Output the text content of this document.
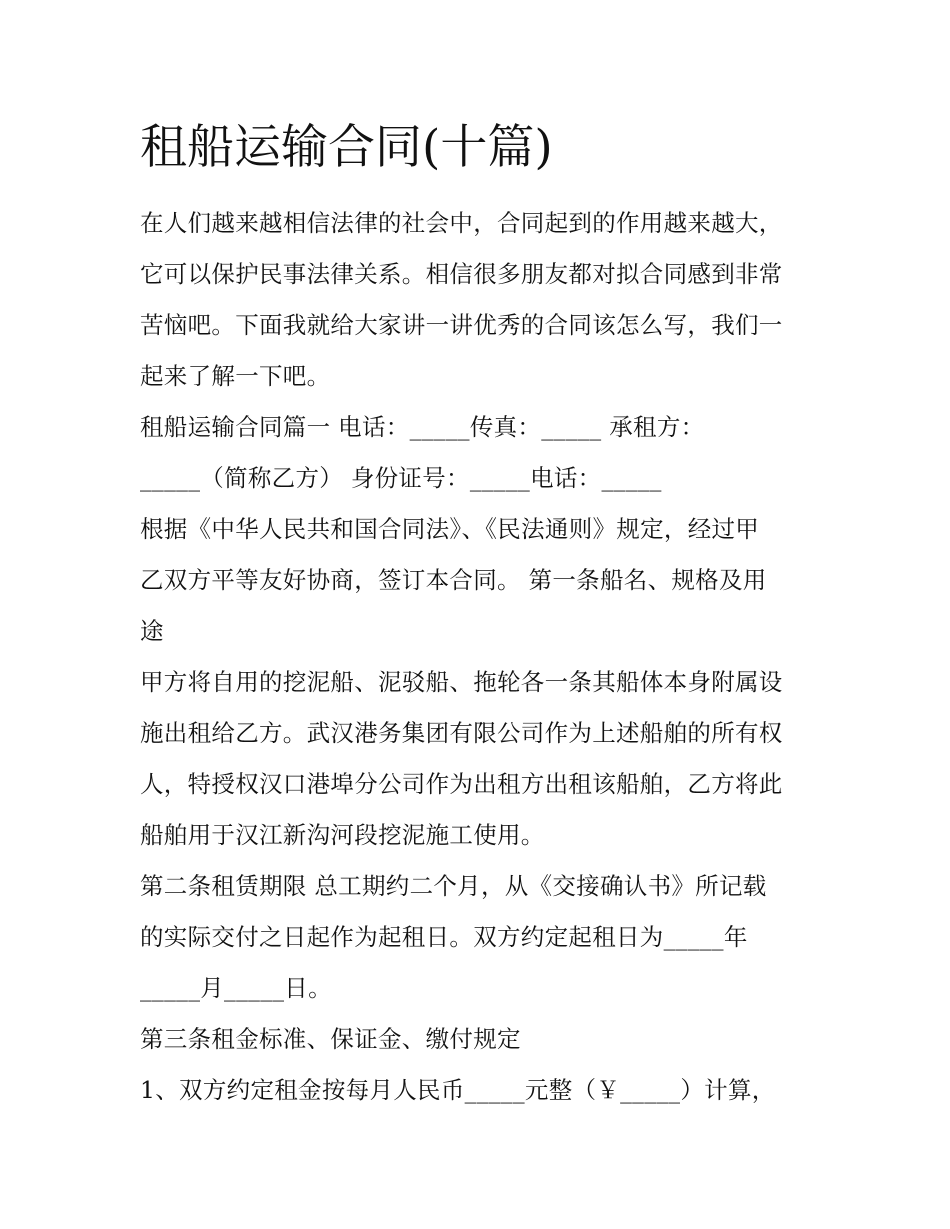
租船运输合同(十篇)
在人们越来越相信法律的社会中，合同起到的作用越来越大，
它可以保护民事法律关系。相信很多朋友都对拟合同感到非常
苦恼吧。下面我就给大家讲一讲优秀的合同该怎么写，我们一
起来了解一下吧。
租船运输合同篇一 电话：_____传真：_____ 承租方：
_____（简称乙方） 身份证号：_____电话：_____
根据《中华人民共和国合同法》、《民法通则》规定，经过甲
乙双方平等友好协商，签订本合同。 第一条船名、规格及用
途
甲方将自用的挖泥船、泥驳船、拖轮各一条其船体本身附属设
施出租给乙方。武汉港务集团有限公司作为上述船舶的所有权
人，特授权汉口港埠分公司作为出租方出租该船舶，乙方将此
船舶用于汉江新沟河段挖泥施工使用。
第二条租赁期限 总工期约二个月，从《交接确认书》所记载
的实际交付之日起作为起租日。双方约定起租日为_____年
_____月_____日。
第三条租金标准、保证金、缴付规定
1、双方约定租金按每月人民币_____元整（￥_____）计算，
